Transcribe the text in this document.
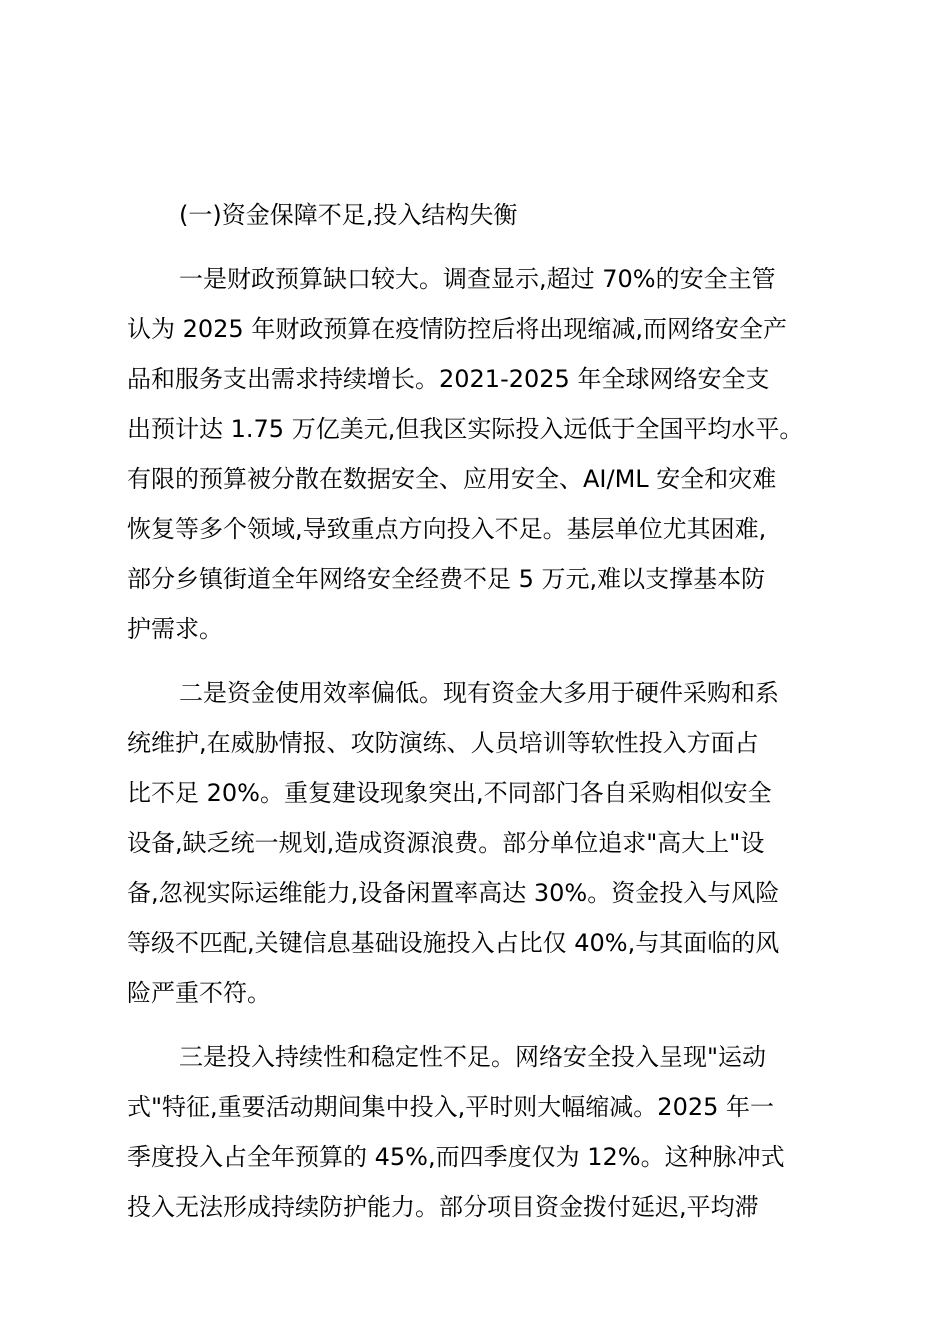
(一)资金保障不足,投入结构失衡
一是财政预算缺口较大。调查显示,超过 70%的安全主管
认为 2025 年财政预算在疫情防控后将出现缩减,而网络安全产
品和服务支出需求持续增长。2021-2025 年全球网络安全支
出预计达 1.75 万亿美元,但我区实际投入远低于全国平均水平。
有限的预算被分散在数据安全、应用安全、AI/ML 安全和灾难
恢复等多个领域,导致重点方向投入不足。基层单位尤其困难,
部分乡镇街道全年网络安全经费不足 5 万元,难以支撑基本防
护需求。
二是资金使用效率偏低。现有资金大多用于硬件采购和系
统维护,在威胁情报、攻防演练、人员培训等软性投入方面占
比不足 20%。重复建设现象突出,不同部门各自采购相似安全
设备,缺乏统一规划,造成资源浪费。部分单位追求"高大上"设
备,忽视实际运维能力,设备闲置率高达 30%。资金投入与风险
等级不匹配,关键信息基础设施投入占比仅 40%,与其面临的风
险严重不符。
三是投入持续性和稳定性不足。网络安全投入呈现"运动
式"特征,重要活动期间集中投入,平时则大幅缩减。2025 年一
季度投入占全年预算的 45%,而四季度仅为 12%。这种脉冲式
投入无法形成持续防护能力。部分项目资金拨付延迟,平均滞
